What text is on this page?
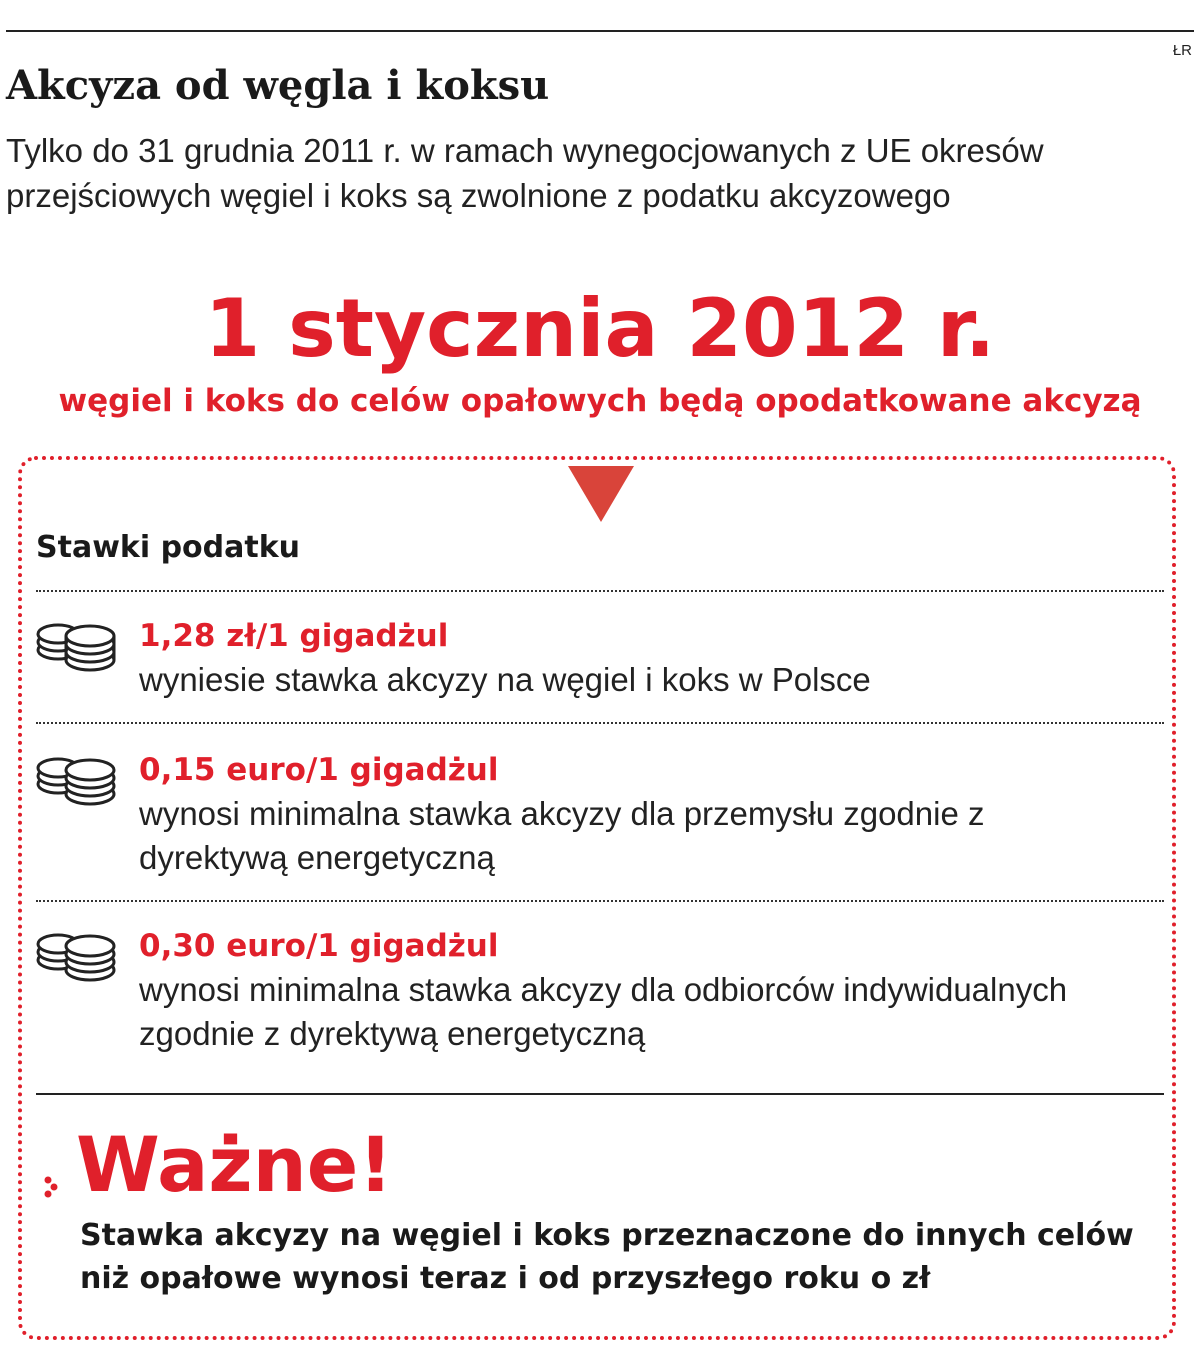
ŁR
Akcyza od węgla i koksu

Tylko do 31 grudnia 2011 r. w ramach wynegocjowanych z UE okresów przejściowych węgiel i koks są zwolnione z podatku akcyzowego

1 stycznia 2012 r.
węgiel i koks do celów opałowych będą opodatkowane akcyzą
Stawki podatku
1,28 zł/1 gigadżul
wyniesie stawka akcyzy na węgiel i koks w Polsce
0,15 euro/1 gigadżul
wynosi minimalna stawka akcyzy dla przemysłu zgodnie z dyrektywą energetyczną
0,30 euro/1 gigadżul
wynosi minimalna stawka akcyzy dla odbiorców indywidualnych zgodnie z dyrektywą energetyczną
Ważne!
Stawka akcyzy na węgiel i koks przeznaczone do innych celów niż opałowe wynosi teraz i od przyszłego roku o zł
